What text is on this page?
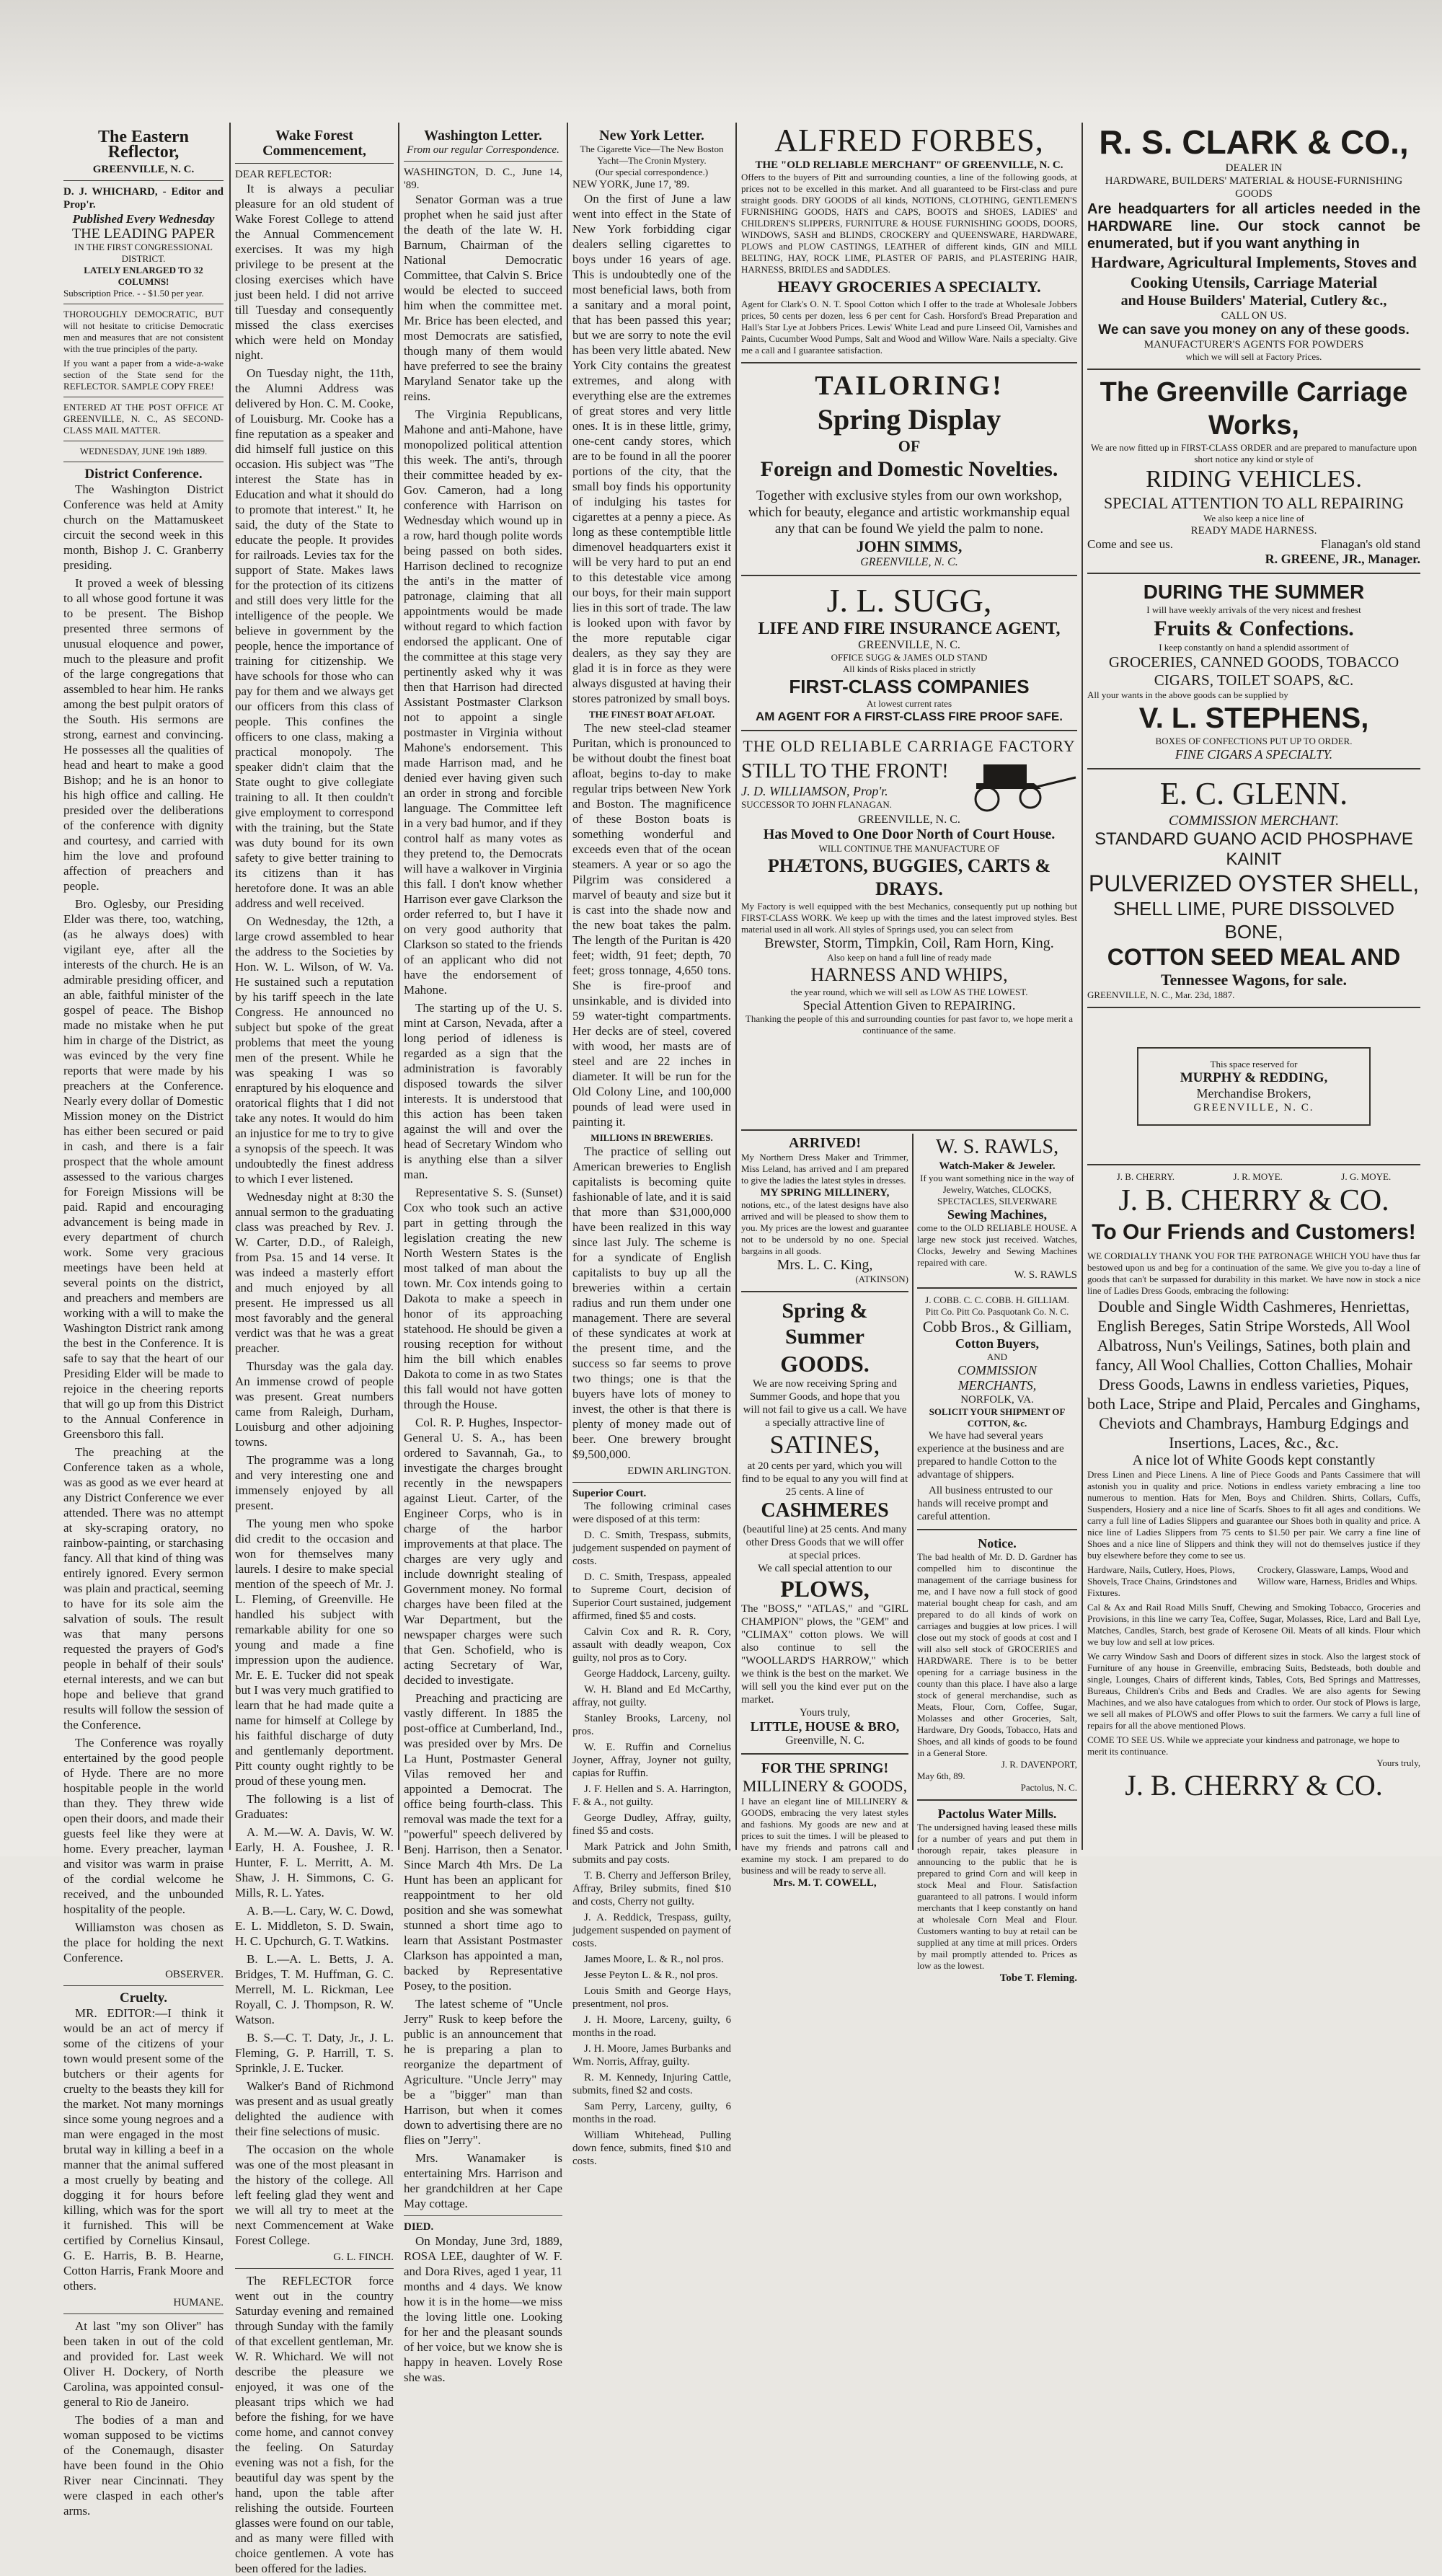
The Eastern Reflector,
GREENVILLE, N. C.
D. J. WHICHARD, - Editor and Prop'r.
Published Every Wednesday
THE LEADING PAPER
IN THE FIRST CONGRESSIONAL DISTRICT.
LATELY ENLARGED TO 32 COLUMNS!
Subscription Price. - - $1.50 per year.
THOROUGHLY DEMOCRATIC, BUT will not hesitate to criticise Democratic men and measures that are not consistent with the true principles of the party.
If you want a paper from a wide-a-wake section of the State send for the REFLECTOR. SAMPLE COPY FREE!
ENTERED AT THE POST OFFICE AT GREENVILLE, N. C., AS SECOND-CLASS MAIL MATTER.
WEDNESDAY, JUNE 19th 1889.
District Conference.

The Washington District Conference was held at Amity church on the Mattamuskeet circuit the second week in this month, Bishop J. C. Granberry presiding.

It proved a week of blessing to all whose good fortune it was to be present. The Bishop presented three sermons of unusual eloquence and power, much to the pleasure and profit of the large congregations that assembled to hear him. He ranks among the best pulpit orators of the South. His sermons are strong, earnest and convincing. He possesses all the qualities of head and heart to make a good Bishop; and he is an honor to his high office and calling. He presided over the deliberations of the conference with dignity and courtesy, and carried with him the love and profound affection of preachers and people.

Bro. Oglesby, our Presiding Elder was there, too, watching, (as he always does) with vigilant eye, after all the interests of the church. He is an admirable presiding officer, and an able, faithful minister of the gospel of peace. The Bishop made no mistake when he put him in charge of the District, as was evinced by the very fine reports that were made by his preachers at the Conference. Nearly every dollar of Domestic Mission money on the District has either been secured or paid in cash, and there is a fair prospect that the whole amount assessed to the various charges for Foreign Missions will be paid. Rapid and encouraging advancement is being made in every department of church work. Some very gracious meetings have been held at several points on the district, and preachers and members are working with a will to make the Washington District rank among the best in the Conference. It is safe to say that the heart of our Presiding Elder will be made to rejoice in the cheering reports that will go up from this District to the Annual Conference in Greensboro this fall.

The preaching at the Conference taken as a whole, was as good as we ever heard at any District Conference we ever attended. There was no attempt at sky-scraping oratory, no rainbow-painting, or starchasing fancy. All that kind of thing was entirely ignored. Every sermon was plain and practical, seeming to have for its sole aim the salvation of souls. The result was that many persons requested the prayers of God's people in behalf of their souls' eternal interests, and we can but hope and believe that grand results will follow the session of the Conference.

The Conference was royally entertained by the good people of Hyde. There are no more hospitable people in the world than they. They threw wide open their doors, and made their guests feel like they were at home. Every preacher, layman and visitor was warm in praise of the cordial welcome he received, and the unbounded hospitality of the people.

Williamston was chosen as the place for holding the next Conference.

OBSERVER.
Cruelty.

MR. EDITOR:—I think it would be an act of mercy if some of the citizens of your town would present some of the butchers or their agents for cruelty to the beasts they kill for the market. Not many mornings since some young negroes and a man were engaged in the most brutal way in killing a beef in a manner that the animal suffered a most cruelly by beating and dogging it for hours before killing, which was for the sport it furnished. This will be certified by Cornelius Kinsaul, G. E. Harris, B. B. Hearne, Cotton Harris, Frank Moore and others.

HUMANE.

At last "my son Oliver" has been taken in out of the cold and provided for. Last week Oliver H. Dockery, of North Carolina, was appointed consul-general to Rio de Janeiro.

The bodies of a man and woman supposed to be victims of the Conemaugh, disaster have been found in the Ohio River near Cincinnati. They were clasped in each other's arms.

Wake Forest Commencement,
DEAR REFLECTOR:

It is always a peculiar pleasure for an old student of Wake Forest College to attend the Annual Commencement exercises. It was my high privilege to be present at the closing exercises which have just been held. I did not arrive till Tuesday and consequently missed the class exercises which were held on Monday night.

On Tuesday night, the 11th, the Alumni Address was delivered by Hon. C. M. Cooke, of Louisburg. Mr. Cooke has a fine reputation as a speaker and did himself full justice on this occasion. His subject was "The interest the State has in Education and what it should do to promote that interest." It, he said, the duty of the State to educate the people. It provides for railroads. Levies tax for the support of State. Makes laws for the protection of its citizens and still does very little for the intelligence of the people. We believe in government by the people, hence the importance of training for citizenship. We have schools for those who can pay for them and we always get our officers from this class of people. This confines the officers to one class, making a practical monopoly. The speaker didn't claim that the State ought to give collegiate training to all. It then couldn't give employment to correspond with the training, but the State was duty bound for its own safety to give better training to its citizens than it has heretofore done. It was an able address and well received.

On Wednesday, the 12th, a large crowd assembled to hear the address to the Societies by Hon. W. L. Wilson, of W. Va. He sustained such a reputation by his tariff speech in the late Congress. He announced no subject but spoke of the great problems that meet the young men of the present. While he was speaking I was so enraptured by his eloquence and oratorical flights that I did not take any notes. It would do him an injustice for me to try to give a synopsis of the speech. It was undoubtedly the finest address to which I ever listened.

Wednesday night at 8:30 the annual sermon to the graduating class was preached by Rev. J. W. Carter, D.D., of Raleigh, from Psa. 15 and 14 verse. It was indeed a masterly effort and much enjoyed by all present. He impressed us all most favorably and the general verdict was that he was a great preacher.

Thursday was the gala day. An immense crowd of people was present. Great numbers came from Raleigh, Durham, Louisburg and other adjoining towns.

The programme was a long and very interesting one and immensely enjoyed by all present.

The young men who spoke did credit to the occasion and won for themselves many laurels. I desire to make special mention of the speech of Mr. J. L. Fleming, of Greenville. He handled his subject with remarkable ability for one so young and made a fine impression upon the audience. Mr. E. E. Tucker did not speak but I was very much gratified to learn that he had made quite a name for himself at College by his faithful discharge of duty and gentlemanly deportment. Pitt county ought rightly to be proud of these young men.

The following is a list of Graduates:

A. M.—W. A. Davis, W. W. Early, H. A. Foushee, J. R. Hunter, F. L. Merritt, A. M. Shaw, J. H. Simmons, C. G. Mills, R. L. Yates.

A. B.—L. Cary, W. C. Dowd, E. L. Middleton, S. D. Swain, H. C. Upchurch, G. T. Watkins.

B. L.—A. L. Betts, J. A. Bridges, T. M. Huffman, G. C. Merrell, M. L. Rickman, Lee Royall, C. J. Thompson, R. W. Watson.

B. S.—C. T. Daty, Jr., J. L. Fleming, G. P. Harrill, T. S. Sprinkle, J. E. Tucker.

Walker's Band of Richmond was present and as usual greatly delighted the audience with their fine selections of music.

The occasion on the whole was one of the most pleasant in the history of the college. All left feeling glad they went and we will all try to meet at the next Commencement at Wake Forest College.

G. L. FINCH.

The REFLECTOR force went out in the country Saturday evening and remained through Sunday with the family of that excellent gentleman, Mr. W. R. Whichard. We will not describe the pleasure we enjoyed, it was one of the pleasant trips which we had before the fishing, for we have come home, and cannot convey the feeling. On Saturday evening was not a fish, for the beautiful day was spent by the hand, upon the table after relishing the outside. Fourteen glasses were found on our table, and as many were filled with choice gentlemen. A vote has been offered for the ladies.

Washington Letter.
From our regular Correspondence.
WASHINGTON, D. C., June 14, '89.

Senator Gorman was a true prophet when he said just after the death of the late W. H. Barnum, Chairman of the National Democratic Committee, that Calvin S. Brice would be elected to succeed him when the committee met. Mr. Brice has been elected, and most Democrats are satisfied, though many of them would have preferred to see the brainy Maryland Senator take up the reins.

The Virginia Republicans, Mahone and anti-Mahone, have monopolized political attention this week. The anti's, through their committee headed by ex-Gov. Cameron, had a long conference with Harrison on Wednesday which wound up in a row, hard though polite words being passed on both sides. Harrison declined to recognize the anti's in the matter of patronage, claiming that all appointments would be made without regard to which faction endorsed the applicant. One of the committee at this stage very pertinently asked why it was then that Harrison had directed Assistant Postmaster Clarkson not to appoint a single postmaster in Virginia without Mahone's endorsement. This made Harrison mad, and he denied ever having given such an order in strong and forcible language. The Committee left in a very bad humor, and if they control half as many votes as they pretend to, the Democrats will have a walkover in Virginia this fall. I don't know whether Harrison ever gave Clarkson the order referred to, but I have it on very good authority that Clarkson so stated to the friends of an applicant who did not have the endorsement of Mahone.

The starting up of the U. S. mint at Carson, Nevada, after a long period of idleness is regarded as a sign that the administration is favorably disposed towards the silver interests. It is understood that this action has been taken against the will and over the head of Secretary Windom who is anything else than a silver man.

Representative S. S. (Sunset) Cox who took such an active part in getting through the legislation creating the new North Western States is the most talked of man about the town. Mr. Cox intends going to Dakota to make a speech in honor of its approaching statehood. He should be given a rousing reception for without him the bill which enables Dakota to come in as two States this fall would not have gotten through the House.

Col. R. P. Hughes, Inspector-General U. S. A., has been ordered to Savannah, Ga., to investigate the charges brought recently in the newspapers against Lieut. Carter, of the Engineer Corps, who is in charge of the harbor improvements at that place. The charges are very ugly and include downright stealing of Government money. No formal charges have been filed at the War Department, but the newspaper charges were such that Gen. Schofield, who is acting Secretary of War, decided to investigate.

Preaching and practicing are vastly different. In 1885 the post-office at Cumberland, Ind., was presided over by Mrs. De La Hunt, Postmaster General Vilas removed her and appointed a Democrat. The office being fourth-class. This removal was made the text for a "powerful" speech delivered by Benj. Harrison, then a Senator. Since March 4th Mrs. De La Hunt has been an applicant for reappointment to her old position and she was somewhat stunned a short time ago to learn that Assistant Postmaster Clarkson has appointed a man, backed by Representative Posey, to the position.

The latest scheme of "Uncle Jerry" Rusk to keep before the public is an announcement that he is preparing a plan to reorganize the department of Agriculture. "Uncle Jerry" may be a "bigger" man than Harrison, but when it comes down to advertising there are no flies on "Jerry".

Mrs. Wanamaker is entertaining Mrs. Harrison and her grandchildren at her Cape May cottage.

DIED.

On Monday, June 3rd, 1889, ROSA LEE, daughter of W. F. and Dora Rives, aged 1 year, 11 months and 4 days. We know how it is in the home—we miss the loving little one. Looking for her and the pleasant sounds of her voice, but we know she is happy in heaven. Lovely Rose she was.

New York Letter.
The Cigarette Vice—The New Boston Yacht—The Cronin Mystery.
(Our special correspondence.)
NEW YORK, June 17, '89.

On the first of June a law went into effect in the State of New York forbidding cigar dealers selling cigarettes to boys under 16 years of age. This is undoubtedly one of the most beneficial laws, both from a sanitary and a moral point, that has been passed this year; but we are sorry to note the evil has been very little abated. New York City contains the greatest extremes, and along with everything else are the extremes of great stores and very little ones. It is in these little, grimy, one-cent candy stores, which are to be found in all the poorer portions of the city, that the small boy finds his opportunity of indulging his tastes for cigarettes at a penny a piece. As long as these contemptible little dimenovel headquarters exist it will be very hard to put an end to this detestable vice among our boys, for their main support lies in this sort of trade. The law is looked upon with favor by the more reputable cigar dealers, as they say they are glad it is in force as they were always disgusted at having their stores patronized by small boys.

THE FINEST BOAT AFLOAT.

The new steel-clad steamer Puritan, which is pronounced to be without doubt the finest boat afloat, begins to-day to make regular trips between New York and Boston. The magnificence of these Boston boats is something wonderful and exceeds even that of the ocean steamers. A year or so ago the Pilgrim was considered a marvel of beauty and size but it is cast into the shade now and the new boat takes the palm. The length of the Puritan is 420 feet; width, 91 feet; depth, 70 feet; gross tonnage, 4,650 tons. She is fire-proof and unsinkable, and is divided into 59 water-tight compartments. Her decks are of steel, covered with wood, her masts are of steel and are 22 inches in diameter. It will be run for the Old Colony Line, and 100,000 pounds of lead were used in painting it.

MILLIONS IN BREWERIES.

The practice of selling out American breweries to English capitalists is becoming quite fashionable of late, and it is said that more than $31,000,000 have been realized in this way since last July. The scheme is for a syndicate of English capitalists to buy up all the breweries within a certain radius and run them under one management. There are several of these syndicates at work at the present time, and the success so far seems to prove two things; one is that the buyers have lots of money to invest, the other is that there is plenty of money made out of beer. One brewery brought $9,500,000.

EDWIN ARLINGTON.
Superior Court.

The following criminal cases were disposed of at this term:

D. C. Smith, Trespass, submits, judgement suspended on payment of costs.

D. C. Smith, Trespass, appealed to Supreme Court, decision of Superior Court sustained, judgement affirmed, fined $5 and costs.

Calvin Cox and R. R. Cory, assault with deadly weapon, Cox guilty, nol pros as to Cory.

George Haddock, Larceny, guilty.

W. H. Bland and Ed McCarthy, affray, not guilty.

Stanley Brooks, Larceny, nol pros.

W. E. Ruffin and Cornelius Joyner, Affray, Joyner not guilty, capias for Ruffin.

J. F. Hellen and S. A. Harrington, F. & A., not guilty.

George Dudley, Affray, guilty, fined $5 and costs.

Mark Patrick and John Smith, submits and pay costs.

T. B. Cherry and Jefferson Briley, Affray, Briley submits, fined $10 and costs, Cherry not guilty.

J. A. Reddick, Trespass, guilty, judgement suspended on payment of costs.

James Moore, L. & R., nol pros.

Jesse Peyton L. & R., nol pros.

Louis Smith and George Hays, presentment, nol pros.

J. H. Moore, Larceny, guilty, 6 months in the road.

J. H. Moore, James Burbanks and Wm. Norris, Affray, guilty.

R. M. Kennedy, Injuring Cattle, submits, fined $2 and costs.

Sam Perry, Larceny, guilty, 6 months in the road.

William Whitehead, Pulling down fence, submits, fined $10 and costs.

ALFRED FORBES,
THE "OLD RELIABLE MERCHANT" OF GREENVILLE, N. C.
Offers to the buyers of Pitt and surrounding counties, a line of the following goods, at prices not to be excelled in this market. And all guaranteed to be First-class and pure straight goods. DRY GOODS of all kinds, NOTIONS, CLOTHING, GENTLEMEN'S FURNISHING GOODS, HATS and CAPS, BOOTS and SHOES, LADIES' and CHILDREN'S SLIPPERS, FURNITURE & HOUSE FURNISHING GOODS, DOORS, WINDOWS, SASH and BLINDS, CROCKERY and QUEENSWARE, HARDWARE, PLOWS and PLOW CASTINGS, LEATHER of different kinds, GIN and MILL BELTING, HAY, ROCK LIME, PLASTER OF PARIS, and PLASTERING HAIR, HARNESS, BRIDLES and SADDLES.
HEAVY GROCERIES A SPECIALTY.
Agent for Clark's O. N. T. Spool Cotton which I offer to the trade at Wholesale Jobbers prices, 50 cents per dozen, less 6 per cent for Cash. Horsford's Bread Preparation and Hall's Star Lye at Jobbers Prices. Lewis' White Lead and pure Linseed Oil, Varnishes and Paints, Cucumber Wood Pumps, Salt and Wood and Willow Ware. Nails a specialty. Give me a call and I guarantee satisfaction.
TAILORING!
Spring Display
OF
Foreign and Domestic Novelties.
Together with exclusive styles from our own workshop, which for beauty, elegance and artistic workmanship equal any that can be found We yield the palm to none.
JOHN SIMMS,
GREENVILLE, N. C.
J. L. SUGG,
LIFE AND FIRE INSURANCE AGENT,
GREENVILLE, N. C.
OFFICE SUGG & JAMES OLD STAND
All kinds of Risks placed in strictly
FIRST-CLASS COMPANIES
At lowest current rates
AM AGENT FOR A FIRST-CLASS FIRE PROOF SAFE.
THE OLD RELIABLE CARRIAGE FACTORY
STILL TO THE FRONT!
J. D. WILLIAMSON, Prop'r.
SUCCESSOR TO JOHN FLANAGAN.
GREENVILLE, N. C.
Has Moved to One Door North of Court House.
WILL CONTINUE THE MANUFACTURE OF
PHÆTONS, BUGGIES, CARTS & DRAYS.
My Factory is well equipped with the best Mechanics, consequently put up nothing but FIRST-CLASS WORK. We keep up with the times and the latest improved styles. Best material used in all work. All styles of Springs used, you can select from
Brewster, Storm, Timpkin, Coil, Ram Horn, King.
Also keep on hand a full line of ready made
HARNESS AND WHIPS,
the year round, which we will sell as LOW AS THE LOWEST.
Special Attention Given to REPAIRING.
Thanking the people of this and surrounding counties for past favor to, we hope merit a continuance of the same.
ARRIVED!
My Northern Dress Maker and Trimmer, Miss Leland, has arrived and I am prepared to give the ladies the latest styles in dresses.
MY SPRING MILLINERY,
notions, etc., of the latest designs have also arrived and will be pleased to show them to you. My prices are the lowest and guarantee not to be undersold by no one. Special bargains in all goods.
Mrs. L. C. King,
(ATKINSON)
Spring & Summer
GOODS.
We are now receiving Spring and Summer Goods, and hope that you will not fail to give us a call. We have a specially attractive line of
SATINES,
at 20 cents per yard, which you will find to be equal to any you will find at 25 cents. A line of
CASHMERES
(beautiful line) at 25 cents. And many other Dress Goods that we will offer at special prices.
We call special attention to our
PLOWS,
The "BOSS," "ATLAS," and "GIRL CHAMPION" plows, the "GEM" and "CLIMAX" cotton plows. We will also continue to sell the "WOOLLARD'S HARROW," which we think is the best on the market. We will sell you the kind ever put on the market.
Yours truly,
LITTLE, HOUSE & BRO,
Greenville, N. C.
FOR THE SPRING!
MILLINERY & GOODS,
I have an elegant line of MILLINERY & GOODS, embracing the very latest styles and fashions. My goods are new and at prices to suit the times. I will be pleased to have my friends and patrons call and examine my stock. I am prepared to do business and will be ready to serve all.
Mrs. M. T. COWELL,
W. S. RAWLS,
Watch-Maker & Jeweler.
If you want something nice in the way of Jewelry, Watches, CLOCKS, SPECTACLES, SILVERWARE
Sewing Machines,
come to the OLD RELIABLE HOUSE. A large new stock just received. Watches, Clocks, Jewelry and Sewing Machines repaired with care.
W. S. RAWLS
J. COBB. C. C. COBB. H. GILLIAM.
Pitt Co. Pitt Co. Pasquotank Co. N. C.
Cobb Bros., & Gilliam,
Cotton Buyers,
AND
COMMISSION MERCHANTS,
NORFOLK, VA.
SOLICIT YOUR SHIPMENT OF COTTON, &c.

We have had several years experience at the business and are prepared to handle Cotton to the advantage of shippers.

All business entrusted to our hands will receive prompt and careful attention.

Notice.
The bad health of Mr. D. D. Gardner has compelled him to discontinue the management of the carriage business for me, and I have now a full stock of good material bought cheap for cash, and am prepared to do all kinds of work on carriages and buggies at low prices. I will close out my stock of goods at cost and I will also sell stock of GROCERIES and HARDWARE. There is to be better opening for a carriage business in the county than this place. I have also a large stock of general merchandise, such as Meats, Flour, Corn, Coffee, Sugar, Molasses and other Groceries, Salt, Hardware, Dry Goods, Tobacco, Hats and Shoes, and all kinds of goods to be found in a General Store.
J. R. DAVENPORT,
May 6th, 89.
Pactolus, N. C.
Pactolus Water Mills.
The undersigned having leased these mills for a number of years and put them in thorough repair, takes pleasure in announcing to the public that he is prepared to grind Corn and will keep in stock Meal and Flour. Satisfaction guaranteed to all patrons. I would inform merchants that I keep constantly on hand at wholesale Corn Meal and Flour. Customers wanting to buy at retail can be supplied at any time at mill prices. Orders by mail promptly attended to. Prices as low as the lowest.
Tobe T. Fleming.
R. S. CLARK & CO.,
DEALER IN
HARDWARE, BUILDERS' MATERIAL & HOUSE-FURNISHING GOODS
Are headquarters for all articles needed in the HARDWARE line. Our stock cannot be enumerated, but if you want anything in
Hardware, Agricultural Implements, Stoves and Cooking Utensils, Carriage Material
and House Builders' Material, Cutlery &c.,
CALL ON US.
We can save you money on any of these goods.
MANUFACTURER'S AGENTS FOR POWDERS
which we will sell at Factory Prices.
The Greenville Carriage Works,
We are now fitted up in FIRST-CLASS ORDER and are prepared to manufacture upon short notice any kind or style of
RIDING VEHICLES.
SPECIAL ATTENTION TO ALL REPAIRING
We also keep a nice line of
READY MADE HARNESS.
Come and see us.	Flanagan's old stand
R. GREENE, JR., Manager.
DURING THE SUMMER
I will have weekly arrivals of the very nicest and freshest
Fruits & Confections.
I keep constantly on hand a splendid assortment of
GROCERIES, CANNED GOODS, TOBACCO CIGARS, TOILET SOAPS, &C.
All your wants in the above goods can be supplied by
V. L. STEPHENS,
BOXES OF CONFECTIONS PUT UP TO ORDER.
FINE CIGARS A SPECIALTY.
E. C. GLENN.
COMMISSION MERCHANT.
STANDARD GUANO ACID PHOSPHAVE KAINIT
PULVERIZED OYSTER SHELL,
SHELL LIME, PURE DISSOLVED BONE,
COTTON SEED MEAL AND
Tennessee Wagons, for sale.
GREENVILLE, N. C., Mar. 23d, 1887.
This space reserved for
MURPHY & REDDING,
Merchandise Brokers,
GREENVILLE, N. C.
J. B. CHERRY.	J. R. MOYE.	J. G. MOYE.
J. B. CHERRY & CO.
To Our Friends and Customers!
WE CORDIALLY THANK YOU FOR THE PATRONAGE WHICH YOU have thus far bestowed upon us and beg for a continuation of the same. We give you to-day a line of goods that can't be surpassed for durability in this market. We have now in stock a nice line of Ladies Dress Goods, embracing the following:
Double and Single Width Cashmeres, Henriettas, English Bereges, Satin Stripe Worsteds, All Wool Albatross, Nun's Veilings, Satines, both plain and fancy, All Wool Challies, Cotton Challies, Mohair Dress Goods, Lawns in endless varieties, Piques, both Lace, Stripe and Plaid, Percales and Ginghams, Cheviots and Chambrays, Hamburg Edgings and Insertions, Laces, &c., &c.
A nice lot of White Goods kept constantly
Dress Linen and Piece Linens. A line of Piece Goods and Pants Cassimere that will astonish you in quality and price. Notions in endless variety embracing a line too numerous to mention. Hats for Men, Boys and Children. Shirts, Collars, Cuffs, Suspenders, Hosiery and a nice line of Scarfs. Shoes to fit all ages and conditions. We carry a full line of Ladies Slippers and guarantee our Shoes both in quality and price. A nice line of Ladies Slippers from 75 cents to $1.50 per pair. We carry a fine line of Shoes and a nice line of Slippers and think they will not do themselves justice if they buy elsewhere before they come to see us.
Hardware, Nails, Cutlery, Hoes, Plows, Shovels, Trace Chains, Grindstones and Fixtures.
Crockery, Glassware, Lamps, Wood and Willow ware, Harness, Bridles and Whips.
Cal & Ax and Rail Road Mills Snuff, Chewing and Smoking Tobacco, Groceries and Provisions, in this line we carry Tea, Coffee, Sugar, Molasses, Rice, Lard and Ball Lye, Matches, Candles, Starch, best grade of Kerosene Oil. Meats of all kinds. Flour which we buy low and sell at low prices.
We carry Window Sash and Doors of different sizes in stock. Also the largest stock of Furniture of any house in Greenville, embracing Suits, Bedsteads, both double and single, Lounges, Chairs of different kinds, Tables, Cots, Bed Springs and Mattresses, Bureaus, Children's Cribs and Beds and Cradles. We are also agents for Sewing Machines, and we also have catalogues from which to order. Our stock of Plows is large, we sell all makes of PLOWS and offer Plows to suit the farmers. We carry a full line of repairs for all the above mentioned Plows.
COME TO SEE US. While we appreciate your kindness and patronage, we hope to merit its continuance.
Yours truly,
J. B. CHERRY & CO.
